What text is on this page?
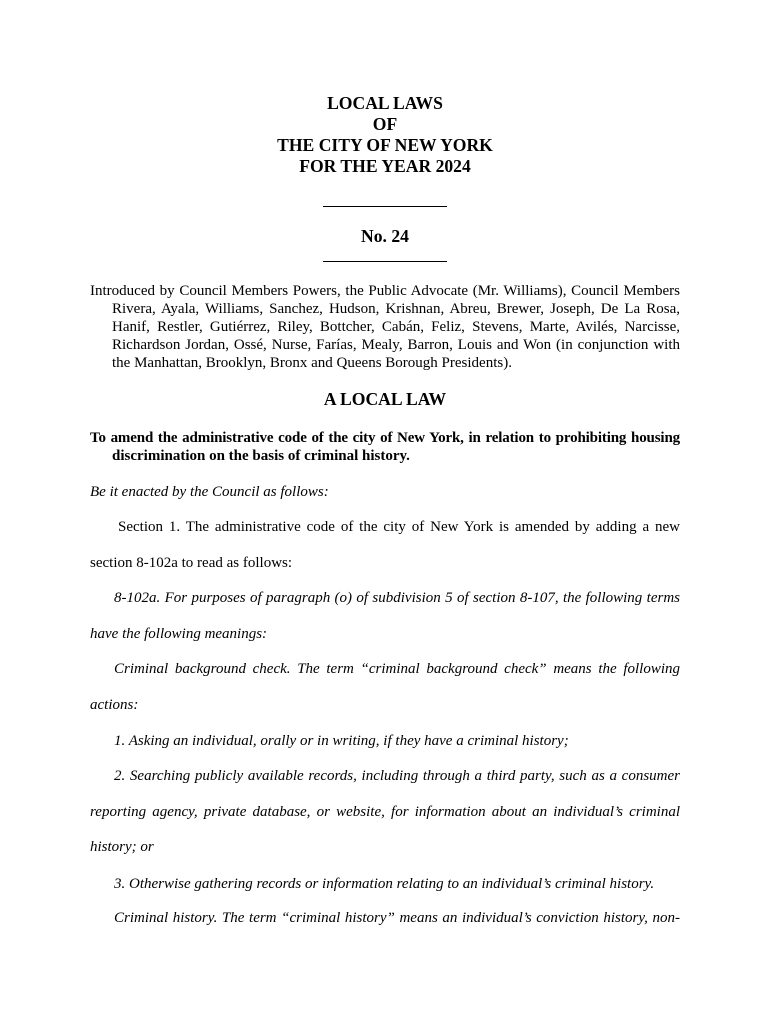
LOCAL LAWS
OF
THE CITY OF NEW YORK
FOR THE YEAR 2024
No. 24
Introduced by Council Members Powers, the Public Advocate (Mr. Williams), Council Members
Rivera, Ayala, Williams, Sanchez, Hudson, Krishnan, Abreu, Brewer, Joseph, De La Rosa,
Hanif, Restler, Gutiérrez, Riley, Bottcher, Cabán, Feliz, Stevens, Marte, Avilés, Narcisse,
Richardson Jordan, Ossé, Nurse, Farías, Mealy, Barron, Louis and Won (in conjunction with
the Manhattan, Brooklyn, Bronx and Queens Borough Presidents).
A LOCAL LAW
To amend the administrative code of the city of New York, in relation to prohibiting housing
discrimination on the basis of criminal history.
Be it enacted by the Council as follows:
Section 1. The administrative code of the city of New York is amended by adding a new
section 8-102a to read as follows:
8-102a. For purposes of paragraph (o) of subdivision 5 of section 8-107, the following terms
have the following meanings:
Criminal background check. The term “criminal background check” means the following
actions:
1. Asking an individual, orally or in writing, if they have a criminal history;
2. Searching publicly available records, including through a third party, such as a consumer
reporting agency, private database, or website, for information about an individual’s criminal
history; or
3. Otherwise gathering records or information relating to an individual’s criminal history.
Criminal history. The term “criminal history” means an individual’s conviction history, non-
